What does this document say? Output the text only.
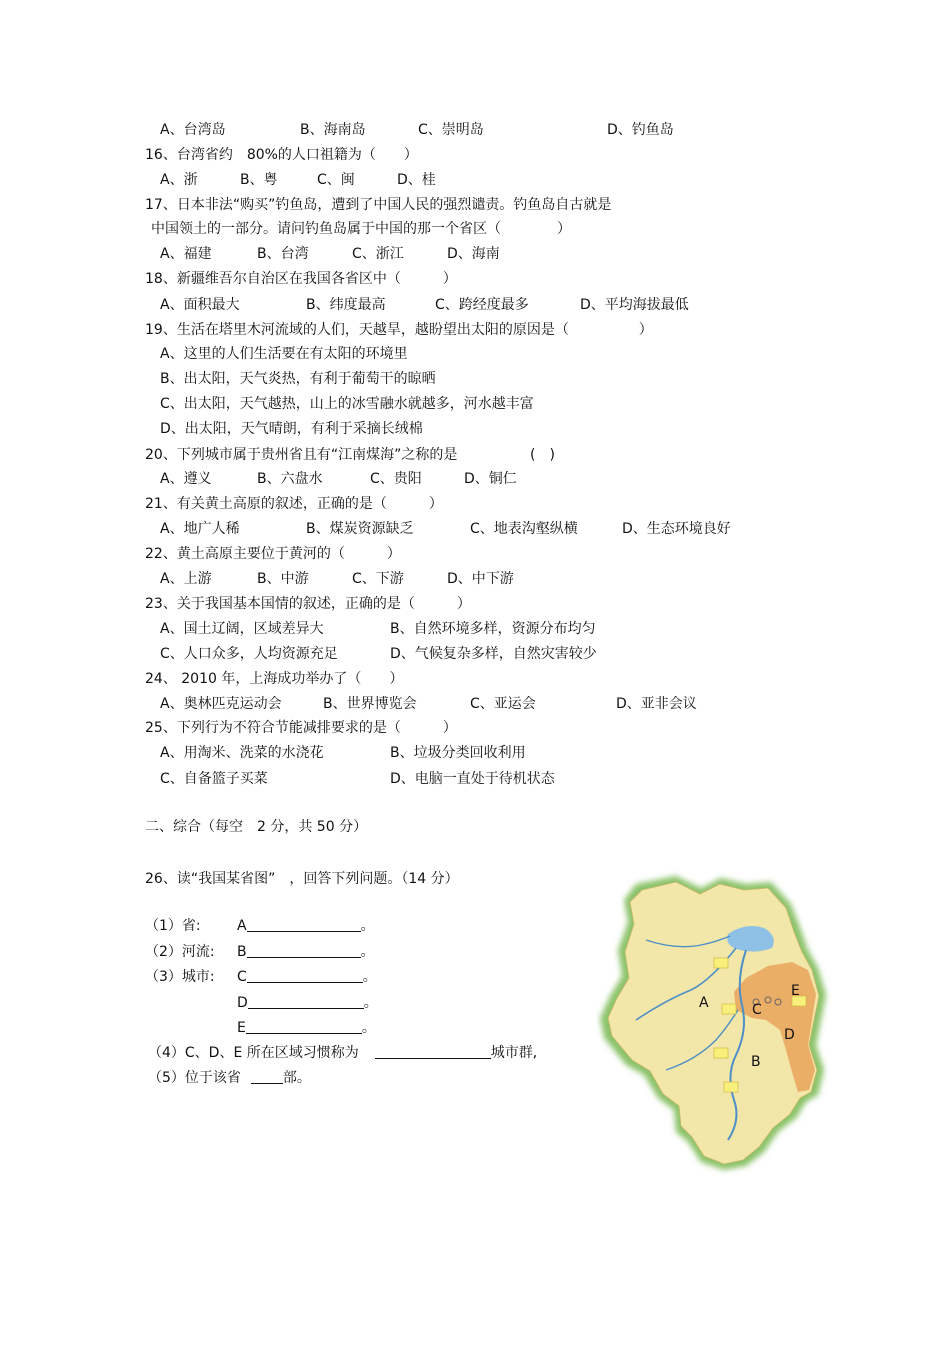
A、台湾岛	B、海南岛	C、崇明岛	D、钓鱼岛
16、台湾省约　80%的人口祖籍为（　　）
A、浙	B、粤	C、闽	D、桂
17、日本非法“购买”钓鱼岛，遭到了中国人民的强烈谴责。钓鱼岛自古就是
中国领土的一部分。请问钓鱼岛属于中国的那一个省区（　　　　）
A、福建	B、台湾	C、浙江	D、海南
18、新疆维吾尔自治区在我国各省区中（　　　）
A、面积最大	B、纬度最高	C、跨经度最多	D、平均海拔最低
19、生活在塔里木河流域的人们，天越旱，越盼望出太阳的原因是（　　　　　）
A、这里的人们生活要在有太阳的环境里
B、出太阳，天气炎热，有利于葡萄干的晾晒
C、出太阳，天气越热，山上的冰雪融水就越多，河水越丰富
D、出太阳，天气晴朗，有利于采摘长绒棉
20、下列城市属于贵州省且有“江南煤海”之称的是	(　)
A、遵义	B、六盘水	C、贵阳	D、铜仁
21、有关黄土高原的叙述，正确的是（　　　）
A、地广人稀	B、煤炭资源缺乏	C、地表沟壑纵横	D、生态环境良好
22、黄土高原主要位于黄河的（　　　）
A、上游	B、中游	C、下游	D、中下游
23、关于我国基本国情的叙述，正确的是（　　　）
A、国土辽阔，区域差异大	B、自然环境多样，资源分布均匀
C、人口众多，人均资源充足	D、气候复杂多样，自然灾害较少
24、 2010 年，上海成功举办了（　　）
A、奥林匹克运动会	B、世界博览会	C、亚运会	D、亚非会议
25、下列行为不符合节能减排要求的是（　　　）
A、用淘米、洗菜的水浇花	B、垃圾分类回收利用
C、自备篮子买菜	D、电脑一直处于待机状态
二、综合（每空　2 分，共 50 分）
26、读“我国某省图”　，回答下列问题。（14 分）
（1）省:	A	。
（2）河流: B	。
（3）城市: C	。
D	。
E	。
（4）C、D、E 所在区域习惯称为	城市群,
（5）位于该省	部。
A
B
C
D
E
